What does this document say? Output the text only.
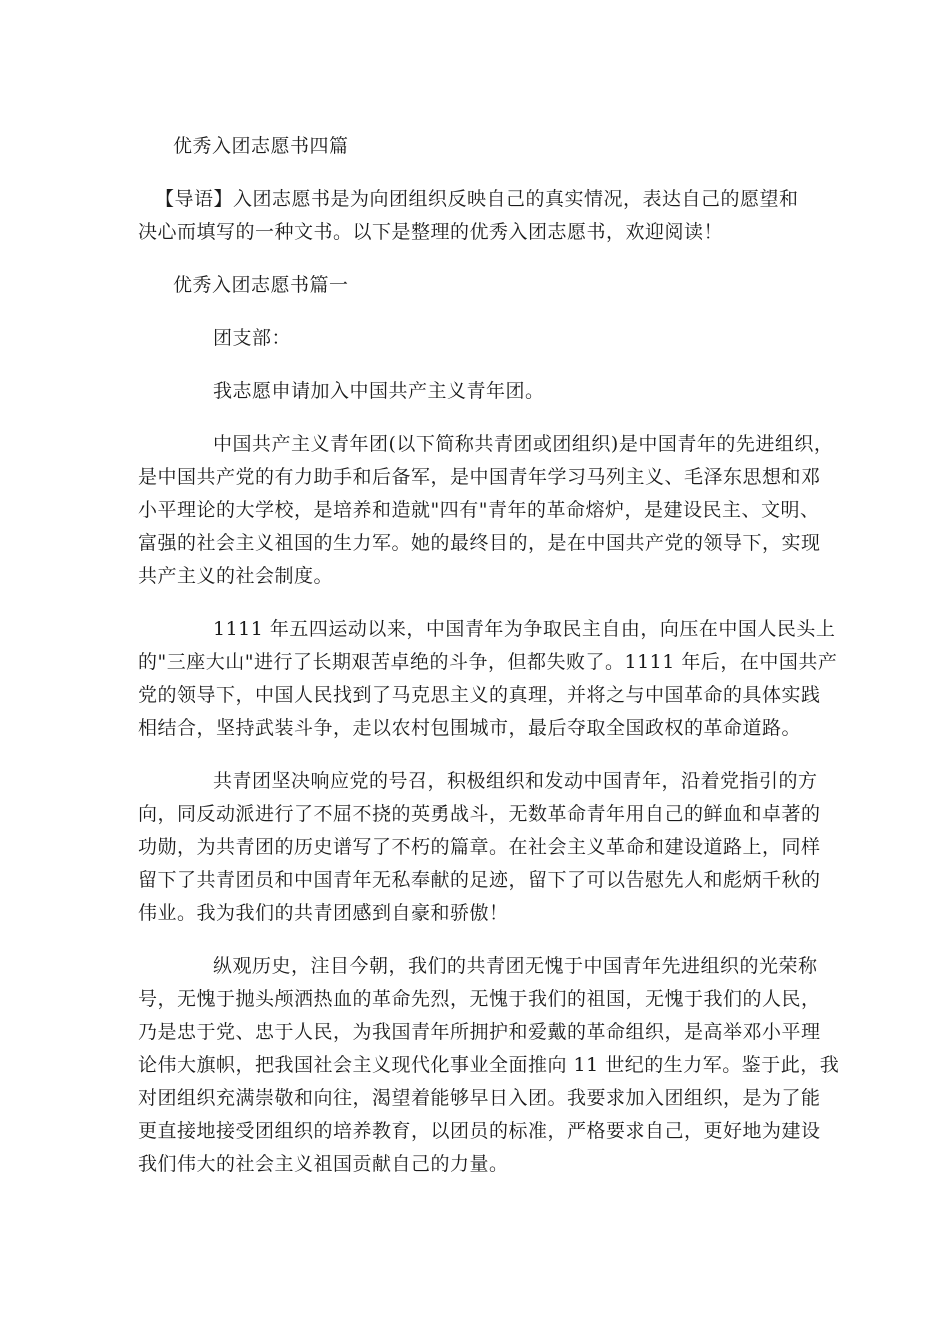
优秀入团志愿书四篇

【导语】入团志愿书是为向团组织反映自己的真实情况，表达自己的愿望和

决心而填写的一种文书。以下是整理的优秀入团志愿书，欢迎阅读！

优秀入团志愿书篇一

团支部：

我志愿申请加入中国共产主义青年团。

中国共产主义青年团(以下简称共青团或团组织)是中国青年的先进组织，

是中国共产党的有力助手和后备军，是中国青年学习马列主义、毛泽东思想和邓

小平理论的大学校，是培养和造就"四有"青年的革命熔炉，是建设民主、文明、

富强的社会主义祖国的生力军。她的最终目的，是在中国共产党的领导下，实现

共产主义的社会制度。

1111 年五四运动以来，中国青年为争取民主自由，向压在中国人民头上

的"三座大山"进行了长期艰苦卓绝的斗争，但都失败了。1111 年后，在中国共产

党的领导下，中国人民找到了马克思主义的真理，并将之与中国革命的具体实践

相结合，坚持武装斗争，走以农村包围城市，最后夺取全国政权的革命道路。

共青团坚决响应党的号召，积极组织和发动中国青年，沿着党指引的方

向，同反动派进行了不屈不挠的英勇战斗，无数革命青年用自己的鲜血和卓著的

功勋，为共青团的历史谱写了不朽的篇章。在社会主义革命和建设道路上，同样

留下了共青团员和中国青年无私奉献的足迹，留下了可以告慰先人和彪炳千秋的

伟业。我为我们的共青团感到自豪和骄傲！

纵观历史，注目今朝，我们的共青团无愧于中国青年先进组织的光荣称

号，无愧于抛头颅洒热血的革命先烈，无愧于我们的祖国，无愧于我们的人民，

乃是忠于党、忠于人民，为我国青年所拥护和爱戴的革命组织，是高举邓小平理

论伟大旗帜，把我国社会主义现代化事业全面推向 11 世纪的生力军。鉴于此，我

对团组织充满崇敬和向往，渴望着能够早日入团。我要求加入团组织，是为了能

更直接地接受团组织的培养教育，以团员的标准，严格要求自己，更好地为建设

我们伟大的社会主义祖国贡献自己的力量。
